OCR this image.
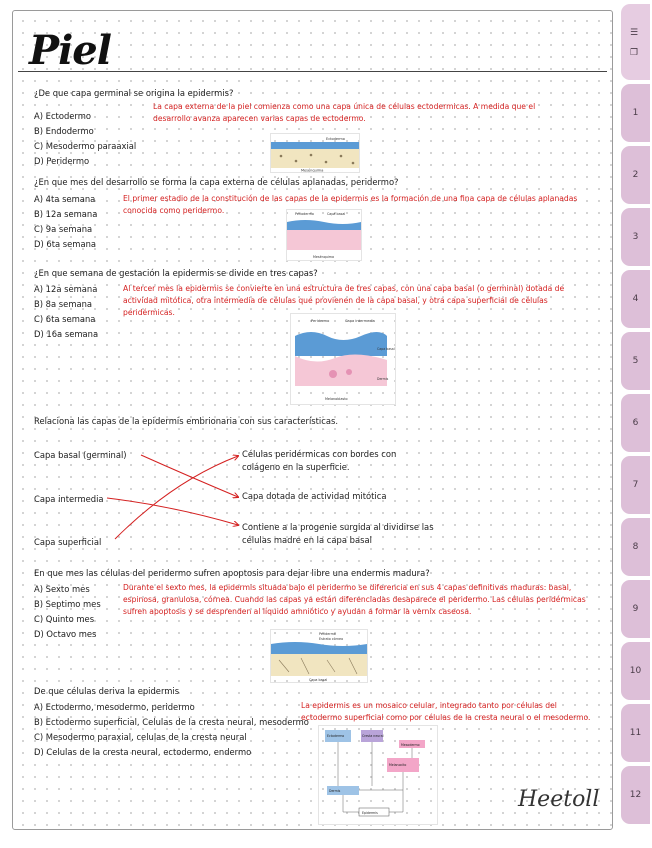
Piel
¿De que capa germinal se origina la epidermis?
A) Ectodermo
B) Endodermo
C) Mesodermo paraaxial
D) Peridermo
La capa externa de la piel comienza como una capa única de células ectodermicas. A medida que el desarrollo avanza aparecen varias capas de ectodermo.
Ectodermo
Mesénquima
¿En que mes del desarrollo se forma la capa externa de células aplanadas, peridermo?
A) 4ta semana
B) 12a semana
C) 9a semana
D) 6ta semana
El primer estadio de la constitución de las capas de la epidermis es la formación de una fina capa de células aplanadas conocida como peridermo.	Periodermo	Capa basal
Mesénquima
¿En que semana de gestación la epidermis se divide en tres capas?
A) 12a semana
B) 8a semana
C) 6ta semana
D) 16a semana
Al tercer mes la epidermis se convierte en una estructura de tres capas, con una capa basal (o germinal) dotada de actividad mitótica, otra intermedia de células que provienen de la capa basal, y otra capa superficial de células peridérmicas.
Peridermo	Capa intermedia
Capa basal
Dermis
Melanoblasto
Relaciona las capas de la epidermis embrionaria con sus características.
Capa basal (germinal)
Capa intermedia
Capa superficial
Células peridérmicas con bordes con colágeno en la superficie.
Capa dotada de actividad mitótica
Contiene a la progenie surgida al dividirse las células madre en la capa basal
En que mes las células del peridermo sufren apoptosis para dejar libre una endermis madura?
A) Sexto mes
B) Septimo mes
C) Quinto mes
D) Octavo mes
Durante el sexto mes, la epidermis situada bajo el peridermo se diferencia en sus 4 capas definitivas maduras: basal, espinosa, granulosa, córnea. Cuando las capas ya están diferenciadas desaparece el peridermo. Las células peridérmicas sufren apoptosis y se desprenden al líquido amniótico y ayudan a formar la vernix caseosa.
Peridermo
Estrato córneo
Capa basal
De que células deriva la epidermis
A) Ectodermo, mesodermo, peridermo
B) Ectodermo superficial, Celulas de la cresta neural, mesodermo
C) Mesodermo paraxial, celulas de la cresta neural
D) Celulas de la cresta neural, ectodermo, endermo
La epidermis es un mosaico celular, integrado tanto por células del ectodermo superficial como por células de la cresta neural o el mesodermo.
Ectodermo	Cresta neural
Mesodermo
Melanocito
Dermis
Epidermis
Heetoll
☰
❐
1
2
3
4
5
6
7
8
9
10
11
12
